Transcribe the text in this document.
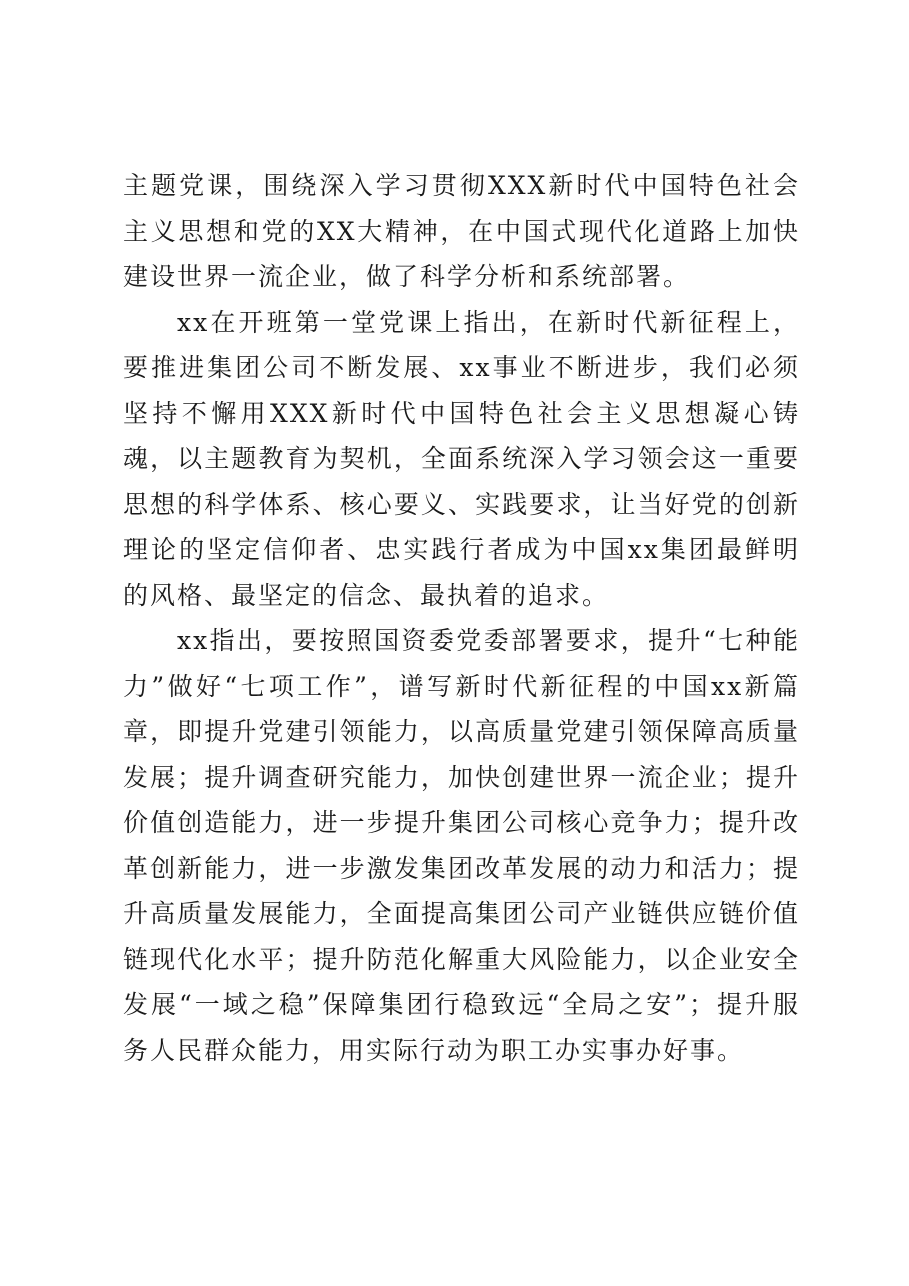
主题党课，围绕深入学习贯彻XXX新时代中国特色社会主义思想和党的XX大精神，在中国式现代化道路上加快建设世界一流企业，做了科学分析和系统部署。

xx在开班第一堂党课上指出，在新时代新征程上，要推进集团公司不断发展、xx事业不断进步，我们必须坚持不懈用XXX新时代中国特色社会主义思想凝心铸魂，以主题教育为契机，全面系统深入学习领会这一重要思想的科学体系、核心要义、实践要求，让当好党的创新理论的坚定信仰者、忠实践行者成为中国xx集团最鲜明的风格、最坚定的信念、最执着的追求。

xx指出，要按照国资委党委部署要求，提升“七种能力”做好“七项工作”，谱写新时代新征程的中国xx新篇章，即提升党建引领能力，以高质量党建引领保障高质量发展；提升调查研究能力，加快创建世界一流企业；提升价值创造能力，进一步提升集团公司核心竞争力；提升改革创新能力，进一步激发集团改革发展的动力和活力；提升高质量发展能力，全面提高集团公司产业链供应链价值链现代化水平；提升防范化解重大风险能力，以企业安全发展“一域之稳”保障集团行稳致远“全局之安”；提升服务人民群众能力，用实际行动为职工办实事办好事。
